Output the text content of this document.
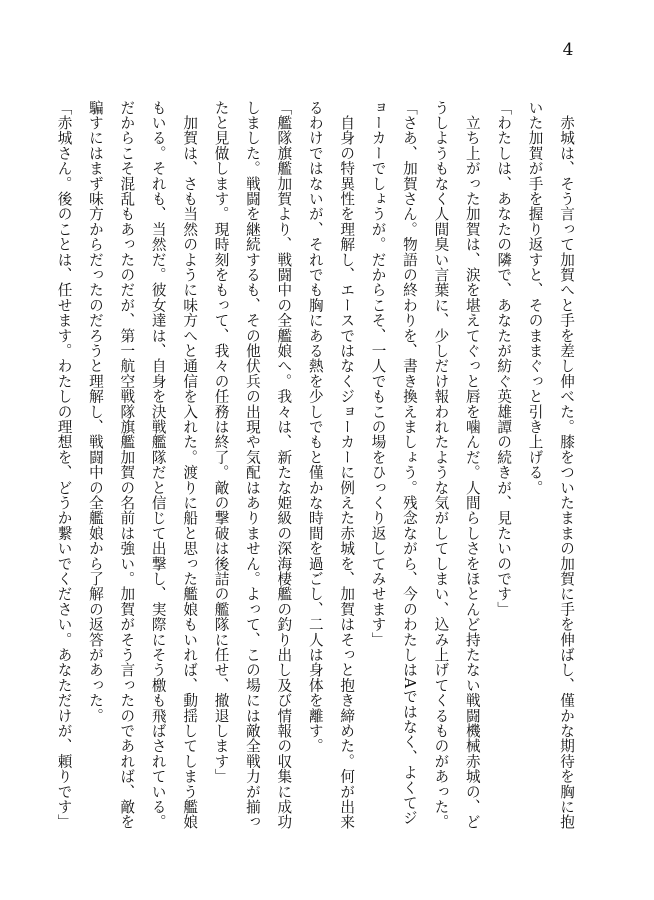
4
　赤城は、そう言って加賀へと手を差し伸べた。膝をついたままの加賀に手を伸ばし、僅かな期待を胸に抱
いた加賀が手を握り返すと、そのままぐっと引き上げる。
「わたしは、あなたの隣で、あなたが紡ぐ英雄譚の続きが、見たいのです」
　立ち上がった加賀は、涙を堪えてぐっと唇を噛んだ。人間らしさをほとんど持たない戦闘機械赤城の、ど
うしようもなく人間臭い言葉に、少しだけ報われたような気がしてしまい、込み上げてくるものがあった。
「さあ、加賀さん。物語の終わりを、書き換えましょう。残念ながら、今のわたしはAではなく、よくてジ
ョーカーでしょうが。だからこそ、一人でもこの場をひっくり返してみせます」
　自身の特異性を理解し、エースではなくジョーカーに例えた赤城を、加賀はそっと抱き締めた。何が出来
るわけではないが、それでも胸にある熱を少しでもと僅かな時間を過ごし、二人は身体を離す。
「艦隊旗艦加賀より、戦闘中の全艦娘へ。我々は、新たな姫級の深海棲艦の釣り出し及び情報の収集に成功
しました。戦闘を継続するも、その他伏兵の出現や気配はありません。よって、この場には敵全戦力が揃っ
たと見做します。現時刻をもって、我々の任務は終了。敵の撃破は後詰の艦隊に任せ、撤退します」
　加賀は、さも当然のように味方へと通信を入れた。渡りに船と思った艦娘もいれば、動揺してしまう艦娘
もいる。それも、当然だ。彼女達は、自身を決戦艦隊だと信じて出撃し、実際にそう檄も飛ばされている。
だからこそ混乱もあったのだが、第一航空戦隊旗艦加賀の名前は強い。加賀がそう言ったのであれば、敵を
騙すにはまず味方からだったのだろうと理解し、戦闘中の全艦娘から了解の返答があった。
「赤城さん。後のことは、任せます。わたしの理想を、どうか繋いでください。あなただけが、頼りです」
